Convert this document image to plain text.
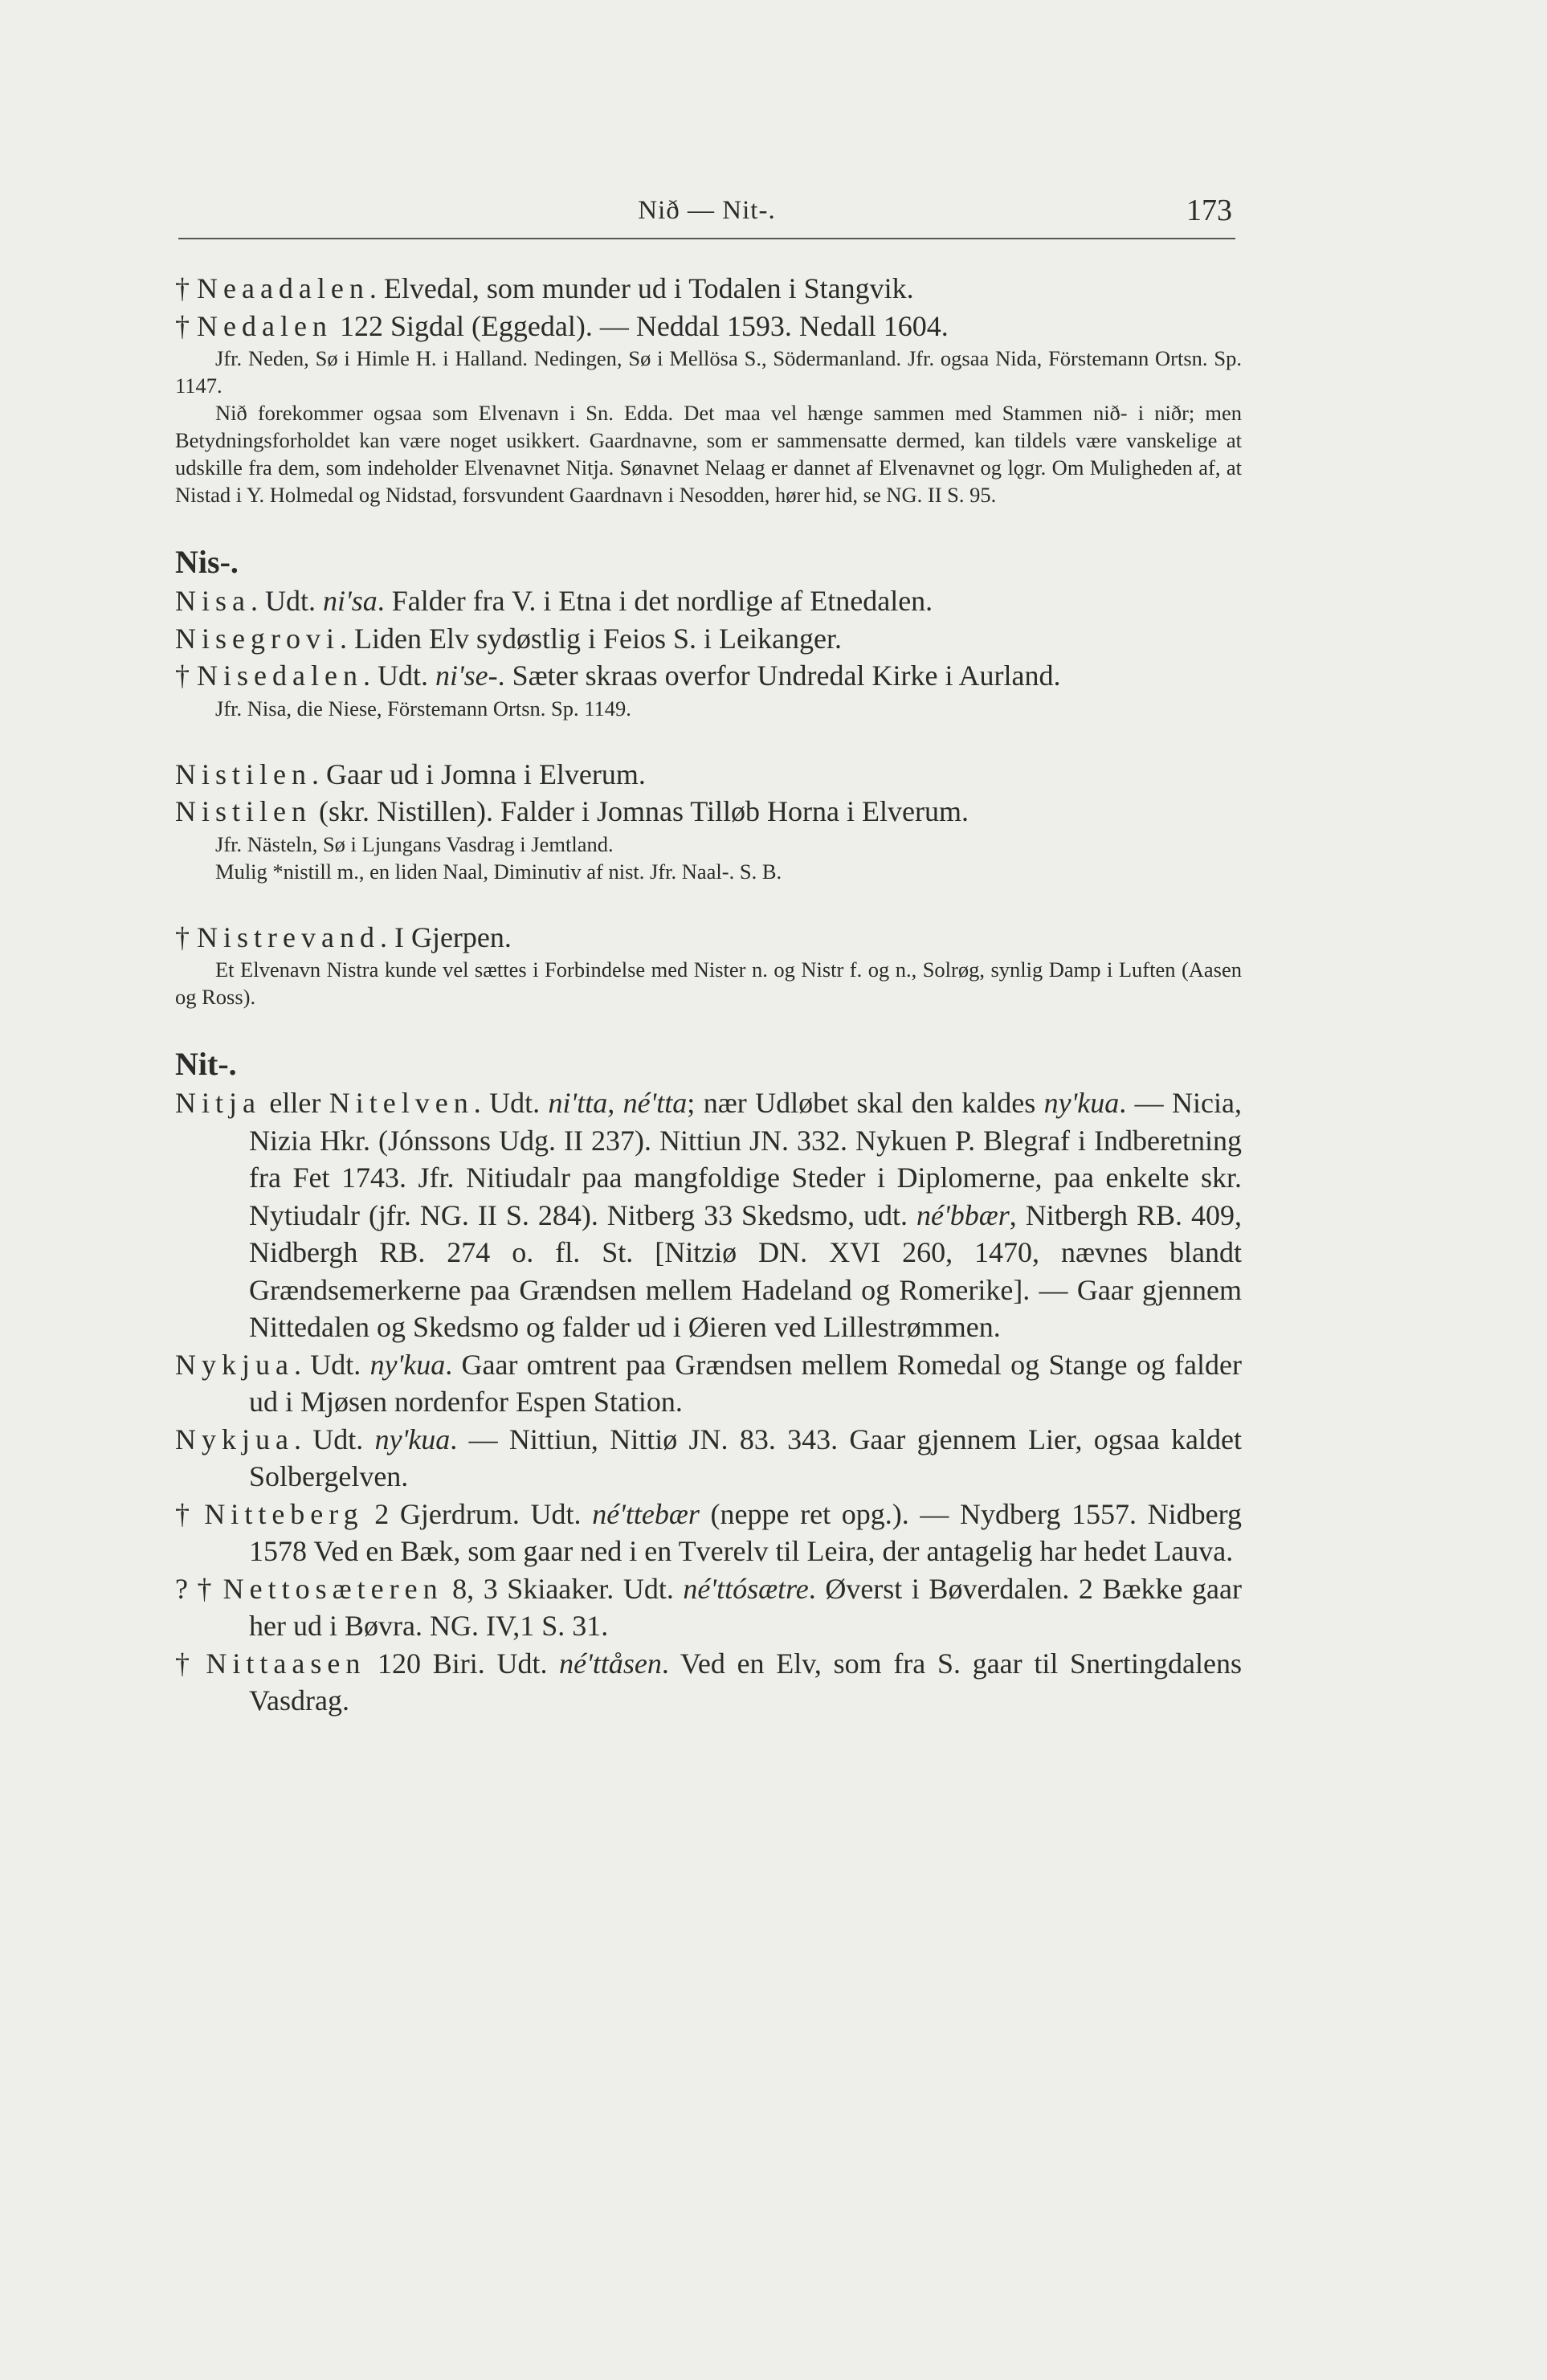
Nið — Nit-.	173

† Neaadalen. Elvedal, som munder ud i Todalen i Stangvik.

† Nedalen 122 Sigdal (Eggedal). — Neddal 1593. Nedall 1604.

Jfr. Neden, Sø i Himle H. i Halland. Nedingen, Sø i Mellösa S., Södermanland. Jfr. ogsaa Nida, Förstemann Ortsn. Sp. 1147.

Nið forekommer ogsaa som Elvenavn i Sn. Edda. Det maa vel hænge sammen med Stammen nið- i niðr; men Betydningsforholdet kan være noget usikkert. Gaardnavne, som er sammensatte dermed, kan tildels være vanskelige at udskille fra dem, som indeholder Elvenavnet Nitja. Sønavnet Nelaag er dannet af Elvenavnet og lǫgr. Om Muligheden af, at Nistad i Y. Holmedal og Nidstad, forsvundent Gaardnavn i Nesodden, hører hid, se NG. II S. 95.

Nis-.

Nisa. Udt. ni'sa. Falder fra V. i Etna i det nordlige af Etnedalen.

Nisegrovi. Liden Elv sydøstlig i Feios S. i Leikanger.

† Nisedalen. Udt. ni'se-. Sæter skraas overfor Undredal Kirke i Aurland.

Jfr. Nisa, die Niese, Förstemann Ortsn. Sp. 1149.

Nistilen. Gaar ud i Jomna i Elverum.

Nistilen (skr. Nistillen). Falder i Jomnas Tilløb Horna i Elverum.

Jfr. Nästeln, Sø i Ljungans Vasdrag i Jemtland.

Mulig *nistill m., en liden Naal, Diminutiv af nist. Jfr. Naal-. S. B.

† Nistrevand. I Gjerpen.

Et Elvenavn Nistra kunde vel sættes i Forbindelse med Nister n. og Nistr f. og n., Solrøg, synlig Damp i Luften (Aasen og Ross).

Nit-.

Nitja eller Nitelven. Udt. ni'tta, né'tta; nær Udløbet skal den kaldes ny'kua. — Nicia, Nizia Hkr. (Jónssons Udg. II 237). Nittiun JN. 332. Nykuen P. Blegraf i Indberetning fra Fet 1743. Jfr. Nitiudalr paa mangfoldige Steder i Diplomerne, paa enkelte skr. Nytiudalr (jfr. NG. II S. 284). Nitberg 33 Skedsmo, udt. né'bbær, Nitbergh RB. 409, Nidbergh RB. 274 o. fl. St. [Nitziø DN. XVI 260, 1470, nævnes blandt Grændsemerkerne paa Grændsen mellem Hadeland og Romerike]. — Gaar gjennem Nittedalen og Skedsmo og falder ud i Øieren ved Lillestrømmen.

Nykjua. Udt. ny'kua. Gaar omtrent paa Grændsen mellem Romedal og Stange og falder ud i Mjøsen nordenfor Espen Station.

Nykjua. Udt. ny'kua. — Nittiun, Nittiø JN. 83. 343. Gaar gjennem Lier, ogsaa kaldet Solbergelven.

† Nitteberg 2 Gjerdrum. Udt. né'ttebær (neppe ret opg.). — Nydberg 1557. Nidberg 1578 Ved en Bæk, som gaar ned i en Tverelv til Leira, der antagelig har hedet Lauva.

? † Nettosæteren 8, 3 Skiaaker. Udt. né'ttósætre. Øverst i Bøverdalen. 2 Bække gaar her ud i Bøvra. NG. IV,1 S. 31.

† Nittaasen 120 Biri. Udt. né'ttåsen. Ved en Elv, som fra S. gaar til Snertingdalens Vasdrag.
